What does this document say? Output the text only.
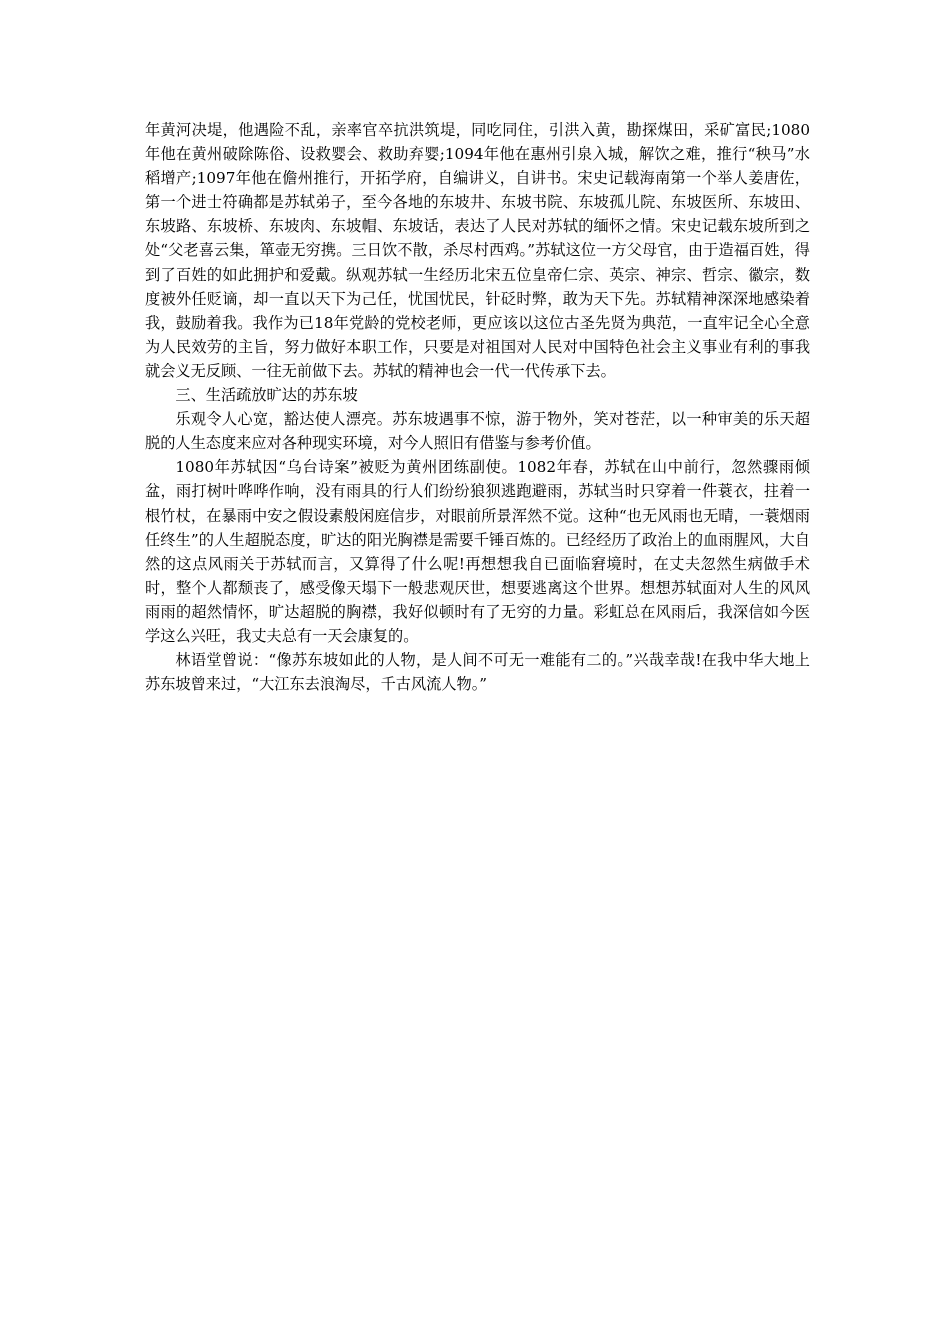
年黄河决堤，他遇险不乱，亲率官卒抗洪筑堤，同吃同住，引洪入黄，勘探煤田，采矿富民;1080年他在黄州破除陈俗、设救婴会、救助弃婴;1094年他在惠州引泉入城，解饮之难，推行“秧马”水稻增产;1097年他在儋州推行，开拓学府，自编讲义，自讲书。宋史记载海南第一个举人姜唐佐，第一个进士符确都是苏轼弟子，至今各地的东坡井、东坡书院、东坡孤儿院、东坡医所、东坡田、东坡路、东坡桥、东坡肉、东坡帽、东坡话，表达了人民对苏轼的缅怀之情。宋史记载东坡所到之处“父老喜云集，箪壶无穷携。三日饮不散，杀尽村西鸡。”苏轼这位一方父母官，由于造福百姓，得到了百姓的如此拥护和爱戴。纵观苏轼一生经历北宋五位皇帝仁宗、英宗、神宗、哲宗、徽宗，数度被外任贬谪，却一直以天下为己任，忧国忧民，针砭时弊，敢为天下先。苏轼精神深深地感染着我，鼓励着我。我作为已18年党龄的党校老师，更应该以这位古圣先贤为典范，一直牢记全心全意为人民效劳的主旨，努力做好本职工作，只要是对祖国对人民对中国特色社会主义事业有利的事我就会义无反顾、一往无前做下去。苏轼的精神也会一代一代传承下去。

三、生活疏放旷达的苏东坡

乐观令人心宽，豁达使人漂亮。苏东坡遇事不惊，游于物外，笑对苍茫，以一种审美的乐天超脱的人生态度来应对各种现实环境，对今人照旧有借鉴与参考价值。

1080年苏轼因“乌台诗案”被贬为黄州团练副使。1082年春，苏轼在山中前行，忽然骤雨倾盆，雨打树叶哗哗作响，没有雨具的行人们纷纷狼狈逃跑避雨，苏轼当时只穿着一件蓑衣，拄着一根竹杖，在暴雨中安之假设素般闲庭信步，对眼前所景浑然不觉。这种“也无风雨也无晴，一蓑烟雨任终生”的人生超脱态度，旷达的阳光胸襟是需要千锤百炼的。已经经历了政治上的血雨腥风，大自然的这点风雨关于苏轼而言，又算得了什么呢!再想想我自已面临窘境时，在丈夫忽然生病做手术时，整个人都颓丧了，感受像天塌下一般悲观厌世，想要逃离这个世界。想想苏轼面对人生的风风雨雨的超然情怀，旷达超脱的胸襟，我好似顿时有了无穷的力量。彩虹总在风雨后，我深信如今医学这么兴旺，我丈夫总有一天会康复的。

林语堂曾说：“像苏东坡如此的人物，是人间不可无一难能有二的。”兴哉幸哉!在我中华大地上苏东坡曾来过，“大江东去浪淘尽，千古风流人物。”
